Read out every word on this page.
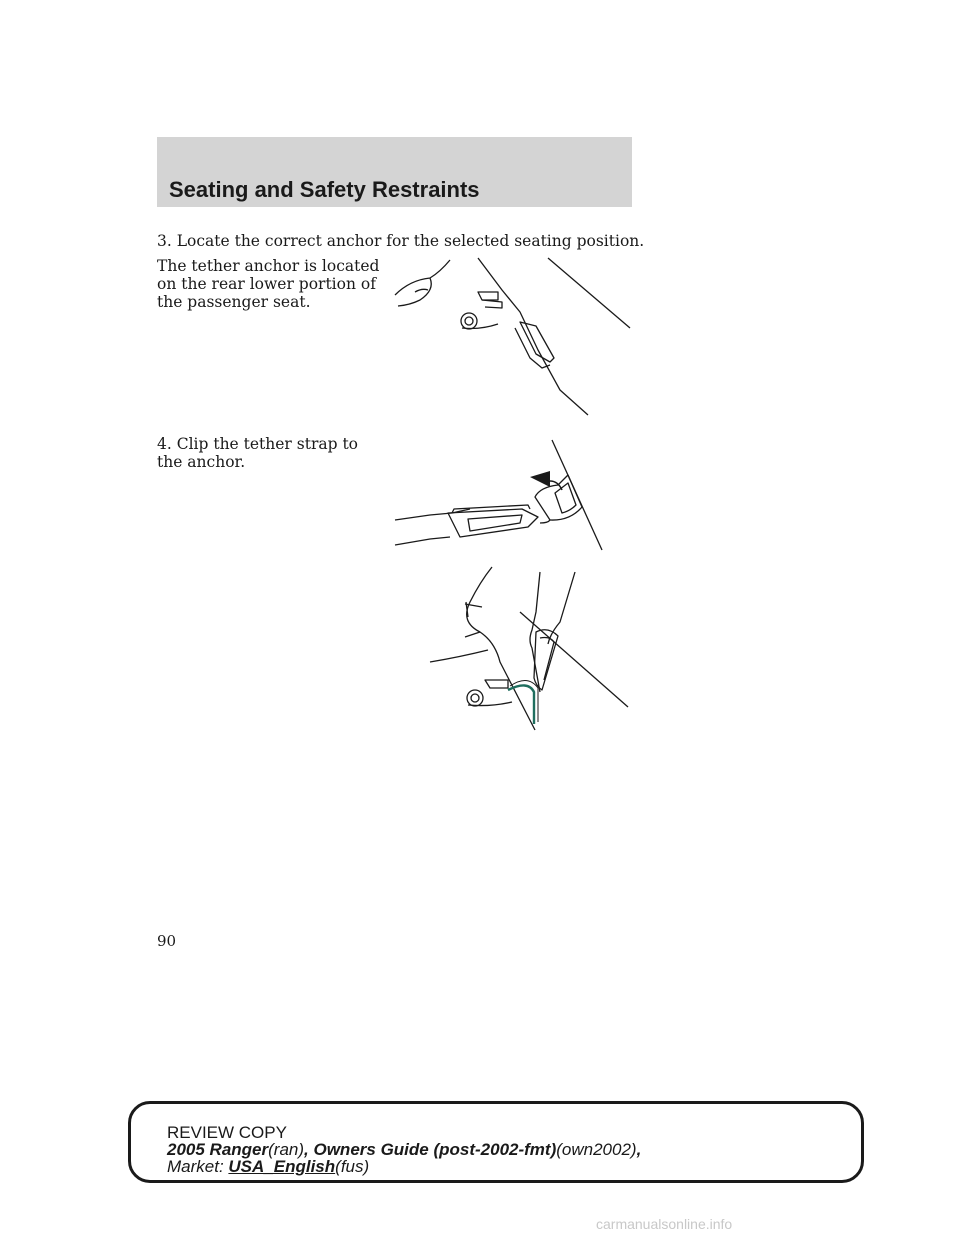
Seating and Safety Restraints

3. Locate the correct anchor for the selected seating position.

The tether anchor is located on the rear lower portion of the passenger seat.

4. Clip the tether strap to the anchor.

90
REVIEW COPY
2005 Ranger(ran), Owners Guide (post-2002-fmt)(own2002),
Market: USA_English(fus)
carmanualsonline.info
